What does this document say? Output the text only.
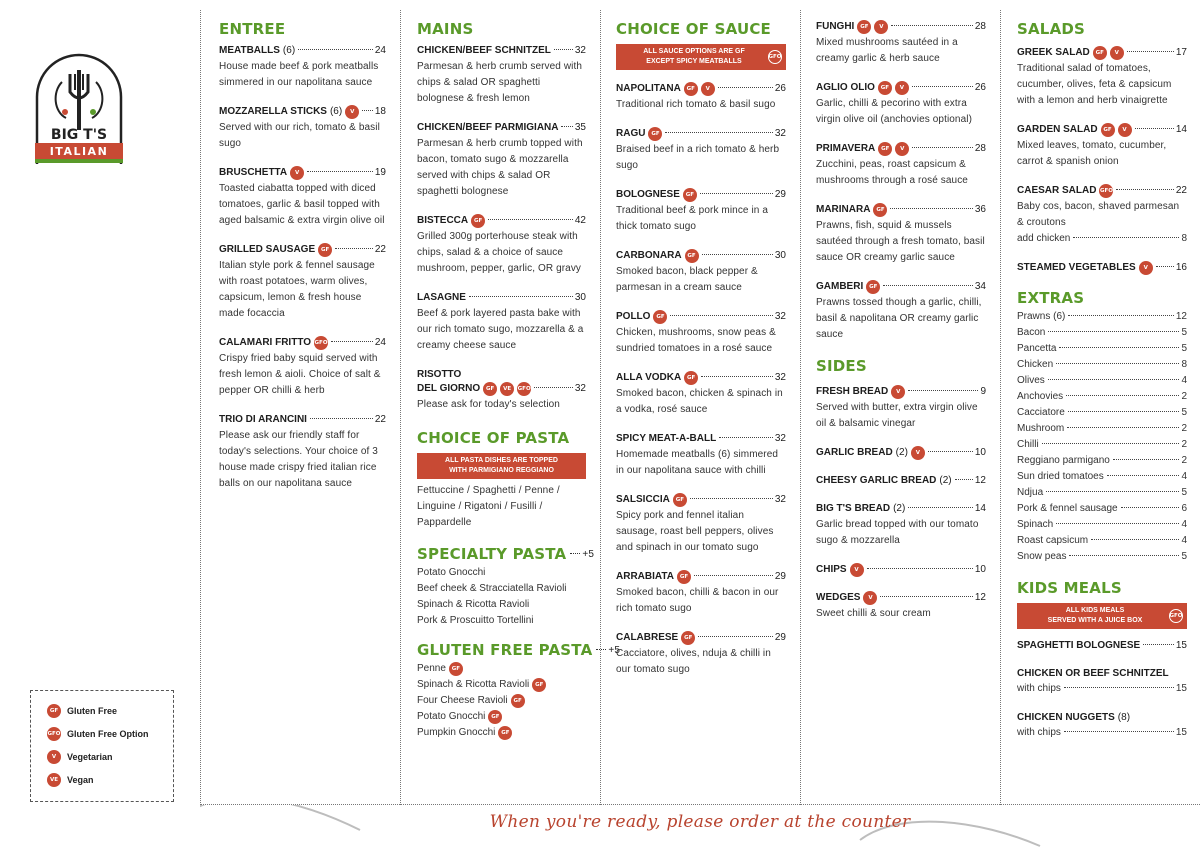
BIG T'S
ITALIAN
GF Gluten Free
GFO Gluten Free Option
V	Vegetarian
VE	Vegan
ENTREE
MEATBALLS (6)	24
House made beef & pork meatballs simmered in our napolitana sauce
MOZZARELLA STICKS (6)	V	18
Served with our rich, tomato & basil sugo
BRUSCHETTA	V	19
Toasted ciabatta topped with diced tomatoes, garlic & basil topped with aged balsamic & extra virgin olive oil
GRILLED SAUSAGE	GF	22
Italian style pork & fennel sausage with roast potatoes, warm olives, capsicum, lemon & fresh house made focaccia
CALAMARI FRITTO GFO	24
Crispy fried baby squid served with fresh lemon & aioli. Choice of salt & pepper OR chilli & herb
TRIO DI ARANCINI	22
Please ask our friendly staff for today's selections. Your choice of 3 house made crispy fried italian rice balls on our napolitana sauce
MAINS
CHICKEN/BEEF SCHNITZEL 32
Parmesan & herb crumb served with chips & salad OR spaghetti bolognese & fresh lemon
CHICKEN/BEEF PARMIGIANA 35
Parmesan & herb crumb topped with bacon, tomato sugo & mozzarella served with chips & salad OR spaghetti bolognese
BISTECCA	GF	42
Grilled 300g porterhouse steak with chips, salad & a choice of sauce mushroom, pepper, garlic, OR gravy
LASAGNE	30
Beef & pork layered pasta bake with our rich tomato sugo, mozzarella & a creamy cheese sauce
RISOTTO
DEL GIORNO	GF	VE	GFO	32
Please ask for today's selection
CHOICE OF PASTA
ALL PASTA DISHES ARE TOPPED
WITH PARMIGIANO REGGIANO
Fettuccine / Spaghetti / Penne / Linguine / Rigatoni / Fusilli / Pappardelle
SPECIALTY PASTA +5
Potato Gnocchi
Beef cheek & Stracciatella Ravioli
Spinach & Ricotta Ravioli
Pork & Proscuitto Tortellini
GLUTEN FREE PASTA +5
Penne	GF
Spinach & Ricotta Ravioli	GF
Four Cheese Ravioli	GF
Potato Gnocchi	GF
Pumpkin Gnocchi	GF
CHOICE OF SAUCE
ALL SAUCE OPTIONS ARE GF
EXCEPT SPICY MEATBALLS
GFO
NAPOLITANA	GF	V	26
Traditional rich tomato & basil sugo
RAGU	GF	32
Braised beef in a rich tomato & herb sugo
BOLOGNESE	GF	29
Traditional beef & pork mince in a thick tomato sugo
CARBONARA	GF	30
Smoked bacon, black pepper & parmesan in a cream sauce
POLLO	GF	32
Chicken, mushrooms, snow peas & sundried tomatoes in a rosé sauce
ALLA VODKA	GF	32
Smoked bacon, chicken & spinach in a vodka, rosé sauce
SPICY MEAT-A-BALL	32
Homemade meatballs (6) simmered in our napolitana sauce with chilli
SALSICCIA	GF	32
Spicy pork and fennel italian sausage, roast bell peppers, olives and spinach in our tomato sugo
ARRABIATA	GF	29
Smoked bacon, chilli & bacon in our rich tomato sugo
CALABRESE	GF	29
Cacciatore, olives, nduja & chilli in our tomato sugo
FUNGHI	GF	V	28
Mixed mushrooms sautéed in a creamy garlic & herb sauce
AGLIO OLIO	GF	V	26
Garlic, chilli & pecorino with extra virgin olive oil (anchovies optional)
PRIMAVERA	GF	V	28
Zucchini, peas, roast capsicum & mushrooms through a rosé sauce
MARINARA	GF	36
Prawns, fish, squid & mussels sautéed through a fresh tomato, basil sauce OR creamy garlic sauce
GAMBERI	GF	34
Prawns tossed though a garlic, chilli, basil & napolitana OR creamy garlic sauce
SIDES
FRESH BREAD	V	9
Served with butter, extra virgin olive oil & balsamic vinegar
GARLIC BREAD (2)	V	10
CHEESY GARLIC BREAD (2) 12
BIG T'S BREAD (2)	14
Garlic bread topped with our tomato sugo & mozzarella
CHIPS	V	10
WEDGES	V	12
Sweet chilli & sour cream
SALADS
GREEK SALAD	GF	V	17
Traditional salad of tomatoes, cucumber, olives, feta & capsicum with a lemon and herb vinaigrette
GARDEN SALAD	GF	V	14
Mixed leaves, tomato, cucumber, carrot & spanish onion
CAESAR SALAD GFO	22
Baby cos, bacon, shaved parmesan & croutons
add chicken	8
STEAMED VEGETABLES	V	16
EXTRAS
Prawns (6)	12
Bacon	5
Pancetta	5
Chicken	8
Olives	4
Anchovies	2
Cacciatore	5
Mushroom	2
Chilli	2
Reggiano parmigano	2
Sun dried tomatoes	4
Ndjua	5
Pork & fennel sausage	6
Spinach	4
Roast capsicum	4
Snow peas	5
KIDS MEALS
ALL KIDS MEALS
SERVED WITH A JUICE BOX
GFO
SPAGHETTI BOLOGNESE	15
CHICKEN OR BEEF SCHNITZEL
with chips	15
CHICKEN NUGGETS (8)
with chips	15
When you're ready, please order at the counter
